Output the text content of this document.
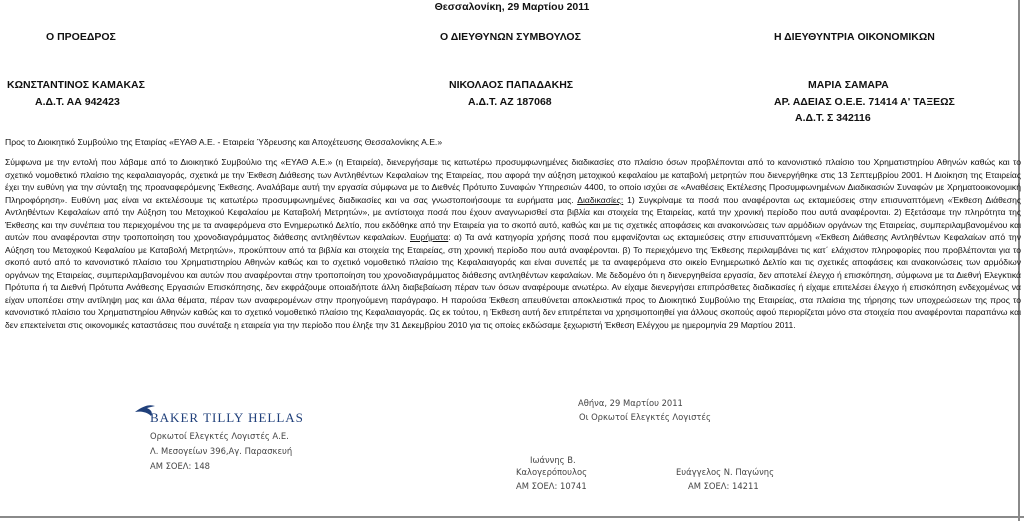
Θεσσαλονίκη, 29 Μαρτίου 2011
Ο ΠΡΟΕΔΡΟΣ	Ο ΔΙΕΥΘΥΝΩΝ ΣΥΜΒΟΥΛΟΣ	Η ΔΙΕΥΘΥΝΤΡΙΑ ΟΙΚΟΝΟΜΙΚΩΝ
ΚΩΝΣΤΑΝΤΙΝΟΣ ΚΑΜΑΚΑΣ
Α.Δ.Τ. ΑΑ 942423
ΝΙΚΟΛΑΟΣ ΠΑΠΑΔΑΚΗΣ
Α.Δ.Τ. ΑΖ 187068
ΜΑΡΙΑ ΣΑΜΑΡΑ
ΑΡ. ΑΔΕΙΑΣ Ο.Ε.Ε. 71414 Α' ΤΑΞΕΩΣ
Α.Δ.Τ. Σ 342116
Προς το Διοικητικό Συμβούλιο της Εταιρίας «ΕΥΑΘ Α.Ε. - Εταιρεία Ύδρευσης και Αποχέτευσης Θεσσαλονίκης Α.Ε.»
Σύμφωνα με την εντολή που λάβαμε από το Διοικητικό Συμβούλιο της «ΕΥΑΘ Α.Ε.» (η Εταιρεία), διενεργήσαμε τις κατωτέρω προσυμφωνημένες διαδικασίες στο πλαίσιο όσων προβλέπονται από το κανονιστικό πλαίσιο του Χρηματιστηρίου Αθηνών καθώς και το σχετικό νομοθετικό πλαίσιο της κεφαλαιαγοράς, σχετικά με την Έκθεση Διάθεσης των Αντληθέντων Κεφαλαίων της Εταιρείας, που αφορά την αύξηση μετοχικού κεφαλαίου με καταβολή μετρητών που διενεργήθηκε στις 13 Σεπτεμβρίου 2001. Η Διοίκηση της Εταιρείας έχει την ευθύνη για την σύνταξη της προαναφερόμενης Έκθεσης. Αναλάβαμε αυτή την εργασία σύμφωνα με το Διεθνές Πρότυπο Συναφών Υπηρεσιών 4400, το οποίο ισχύει σε «Αναθέσεις Εκτέλεσης Προσυμφωνημένων Διαδικασιών Συναφών με Χρηματοοικονομική Πληροφόρηση». Ευθύνη μας είναι να εκτελέσουμε τις κατωτέρω προσυμφωνημένες διαδικασίες και να σας γνωστοποιήσουμε τα ευρήματα μας. Διαδικασίες: 1) Συγκρίναμε τα ποσά που αναφέρονται ως εκταμιεύσεις στην επισυναπτόμενη «Έκθεση Διάθεσης Αντληθέντων Κεφαλαίων από την Αύξηση του Μετοχικού Κεφαλαίου με Καταβολή Μετρητών», με αντίστοιχα ποσά που έχουν αναγνωρισθεί στα βιβλία και στοιχεία της Εταιρείας, κατά την χρονική περίοδο που αυτά αναφέρονται. 2) Εξετάσαμε την πληρότητα της Έκθεσης και την συνέπεια του περιεχομένου της με τα αναφερόμενα στο Ενημερωτικό Δελτίο, που εκδόθηκε από την Εταιρεία για το σκοπό αυτό, καθώς και με τις σχετικές αποφάσεις και ανακοινώσεις των αρμόδιων οργάνων της Εταιρείας, συμπεριλαμβανομένου και αυτών που αναφέρονται στην τροποποίηση του χρονοδιαγράμματος διάθεσης αντληθέντων κεφαλαίων. Ευρήματα: α) Τα ανά κατηγορία χρήσης ποσά που εμφανίζονται ως εκταμιεύσεις στην επισυναπτόμενη «Έκθεση Διάθεσης Αντληθέντων Κεφαλαίων από την Αύξηση του Μετοχικού Κεφαλαίου με Καταβολή Μετρητών», προκύπτουν από τα βιβλία και στοιχεία της Εταιρείας, στη χρονική περίοδο που αυτά αναφέρονται. β) Το περιεχόμενο της Έκθεσης περιλαμβάνει τις κατ΄ ελάχιστον πληροφορίες που προβλέπονται για το σκοπό αυτό από το κανονιστικό πλαίσιο του Χρηματιστηρίου Αθηνών καθώς και το σχετικό νομοθετικό πλαίσιο της Κεφαλαιαγοράς και είναι συνεπές με τα αναφερόμενα στο οικείο Ενημερωτικό Δελτίο και τις σχετικές αποφάσεις και ανακοινώσεις των αρμόδιων οργάνων της Εταιρείας, συμπεριλαμβανομένου και αυτών που αναφέρονται στην τροποποίηση του χρονοδιαγράμματος διάθεσης αντληθέντων κεφαλαίων. Με δεδομένο ότι η διενεργηθείσα εργασία, δεν αποτελεί έλεγχο ή επισκόπηση, σύμφωνα με τα Διεθνή Ελεγκτικά Πρότυπα ή τα Διεθνή Πρότυπα Ανάθεσης Εργασιών Επισκόπησης, δεν εκφράζουμε οποιαδήποτε άλλη διαβεβαίωση πέραν των όσων αναφέρουμε ανωτέρω. Αν είχαμε διενεργήσει επιπρόσθετες διαδικασίες ή είχαμε επιτελέσει έλεγχο ή επισκόπηση ενδεχομένως να είχαν υποπέσει στην αντίληψη μας και άλλα θέματα, πέραν των αναφερομένων στην προηγούμενη παράγραφο. Η παρούσα Έκθεση απευθύνεται αποκλειστικά προς το Διοικητικό Συμβούλιο της Εταιρείας, στα πλαίσια της τήρησης των υποχρεώσεων της προς το κανονιστικό πλαίσιο του Χρηματιστηρίου Αθηνών καθώς και το σχετικό νομοθετικό πλαίσιο της Κεφαλαιαγοράς. Ως εκ τούτου, η Έκθεση αυτή δεν επιτρέπεται να χρησιμοποιηθεί για άλλους σκοπούς αφού περιορίζεται μόνο στα στοιχεία που αναφέρονται παραπάνω και δεν επεκτείνεται στις οικονομικές καταστάσεις που συνέταξε η εταιρεία για την περίοδο που έληξε την 31 Δεκεμβρίου 2010 για τις οποίες εκδώσαμε ξεχωριστή Έκθεση Ελέγχου με ημερομηνία 29 Μαρτίου 2011.
BAKER TILLY HELLAS
Ορκωτοί Ελεγκτές Λογιστές Α.Ε.
Λ. Μεσογείων 396,Αγ. Παρασκευή
ΑΜ ΣΟΕΛ: 148
Αθήνα, 29 Μαρτίου 2011
Οι Ορκωτοί Ελεγκτές Λογιστές
Ιωάννης Β.
Καλογερόπουλος
ΑΜ ΣΟΕΛ: 10741
Ευάγγελος Ν. Παγώνης
ΑΜ ΣΟΕΛ: 14211
